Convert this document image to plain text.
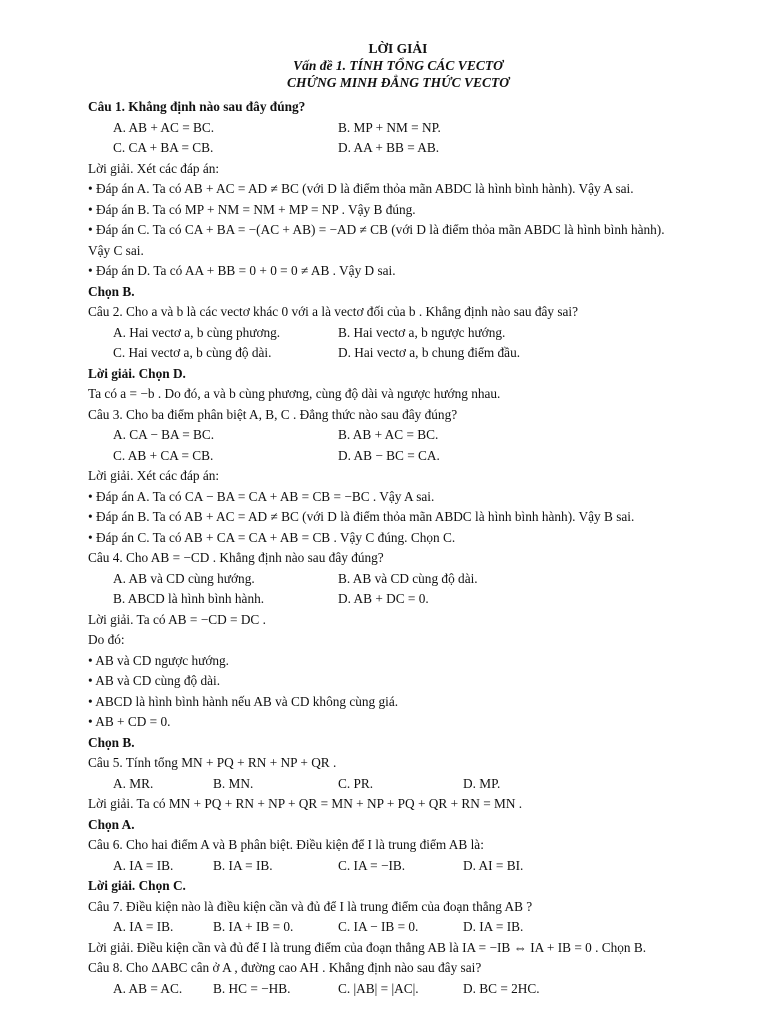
LỜI GIẢI
Vấn đề 1. TÍNH TỔNG CÁC VECTƠ
CHỨNG MINH ĐẲNG THỨC VECTƠ
Câu 1. Khẳng định nào sau đây đúng?
A. AB + AC = BC.	B. MP + NM = NP.
C. CA + BA = CB.	D. AA + BB = AB.
Lời giải. Xét các đáp án:
• Đáp án A. Ta có AB + AC = AD ≠ BC (với D là điểm thỏa mãn ABDC là hình bình hành). Vậy A sai.
• Đáp án B. Ta có MP + NM = NM + MP = NP . Vậy B đúng.
• Đáp án C. Ta có CA + BA = −(AC + AB) = −AD ≠ CB (với D là điểm thỏa mãn ABDC là hình bình hành).
Vậy C sai.
• Đáp án D. Ta có AA + BB = 0 + 0 = 0 ≠ AB . Vậy D sai.
Chọn B.
Câu 2. Cho a và b là các vectơ khác 0 với a là vectơ đối của b . Khẳng định nào sau đây sai?
A. Hai vectơ a, b cùng phương.	B. Hai vectơ a, b ngược hướng.
C. Hai vectơ a, b cùng độ dài.	D. Hai vectơ a, b chung điểm đầu.
Lời giải. Chọn D.
Ta có a = −b . Do đó, a và b cùng phương, cùng độ dài và ngược hướng nhau.
Câu 3. Cho ba điểm phân biệt A, B, C . Đẳng thức nào sau đây đúng?
A. CA − BA = BC.	B. AB + AC = BC.
C. AB + CA = CB.	D. AB − BC = CA.
Lời giải. Xét các đáp án:
• Đáp án A. Ta có CA − BA = CA + AB = CB = −BC . Vậy A sai.
• Đáp án B. Ta có AB + AC = AD ≠ BC (với D là điểm thỏa mãn ABDC là hình bình hành). Vậy B sai.
• Đáp án C. Ta có AB + CA = CA + AB = CB . Vậy C đúng. Chọn C.
Câu 4. Cho AB = −CD . Khẳng định nào sau đây đúng?
A. AB và CD cùng hướng.	B. AB và CD cùng độ dài.
B. ABCD là hình bình hành.	D. AB + DC = 0.
Lời giải. Ta có AB = −CD = DC .
Do đó:
• AB và CD ngược hướng.
• AB và CD cùng độ dài.
• ABCD là hình bình hành nếu AB và CD không cùng giá.
• AB + CD = 0.
Chọn B.
Câu 5. Tính tổng MN + PQ + RN + NP + QR .
A. MR.	B. MN.	C. PR.	D. MP.
Lời giải. Ta có MN + PQ + RN + NP + QR = MN + NP + PQ + QR + RN = MN .
Chọn A.
Câu 6. Cho hai điểm A và B phân biệt. Điều kiện để I là trung điểm AB là:
A. IA = IB.	B. IA = IB.	C. IA = −IB.	D. AI = BI.
Lời giải. Chọn C.
Câu 7. Điều kiện nào là điều kiện cần và đủ để I là trung điểm của đoạn thẳng AB ?
A. IA = IB.	B. IA + IB = 0.	C. IA − IB = 0.	D. IA = IB.
Lời giải. Điều kiện cần và đủ để I là trung điểm của đoạn thẳng AB là IA = −IB ⇔ IA + IB = 0 . Chọn B.
Câu 8. Cho ΔABC cân ở A , đường cao AH . Khẳng định nào sau đây sai?
A. AB = AC.	B. HC = −HB.	C. |AB| = |AC|.	D. BC = 2HC.
